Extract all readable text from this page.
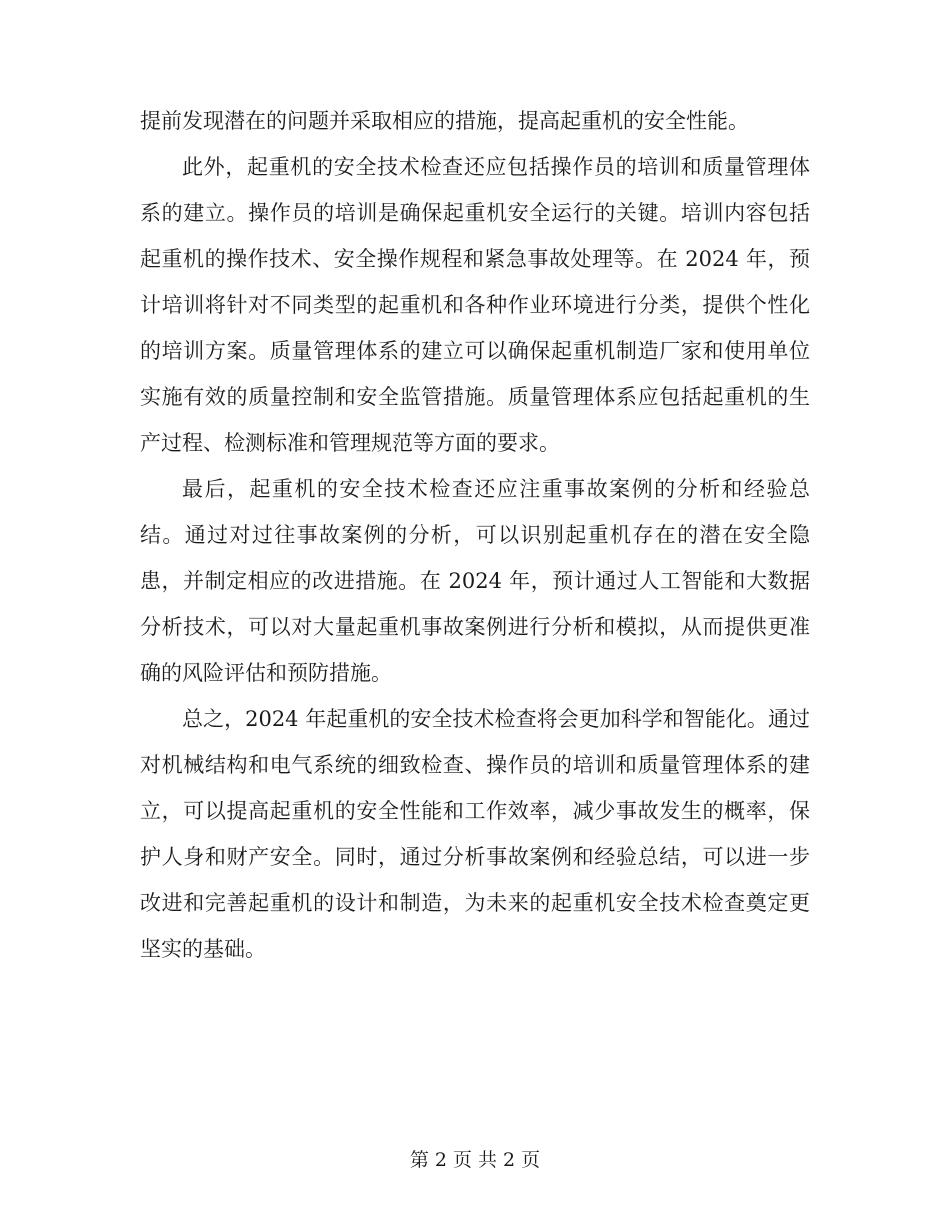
提前发现潜在的问题并采取相应的措施，提高起重机的安全性能。

此外，起重机的安全技术检查还应包括操作员的培训和质量管理体系的建立。操作员的培训是确保起重机安全运行的关键。培训内容包括起重机的操作技术、安全操作规程和紧急事故处理等。在 2024 年，预计培训将针对不同类型的起重机和各种作业环境进行分类，提供个性化的培训方案。质量管理体系的建立可以确保起重机制造厂家和使用单位实施有效的质量控制和安全监管措施。质量管理体系应包括起重机的生产过程、检测标准和管理规范等方面的要求。

最后，起重机的安全技术检查还应注重事故案例的分析和经验总结。通过对过往事故案例的分析，可以识别起重机存在的潜在安全隐患，并制定相应的改进措施。在 2024 年，预计通过人工智能和大数据分析技术，可以对大量起重机事故案例进行分析和模拟，从而提供更准确的风险评估和预防措施。

总之，2024 年起重机的安全技术检查将会更加科学和智能化。通过对机械结构和电气系统的细致检查、操作员的培训和质量管理体系的建立，可以提高起重机的安全性能和工作效率，减少事故发生的概率，保护人身和财产安全。同时，通过分析事故案例和经验总结，可以进一步改进和完善起重机的设计和制造，为未来的起重机安全技术检查奠定更坚实的基础。

第 2 页 共 2 页
